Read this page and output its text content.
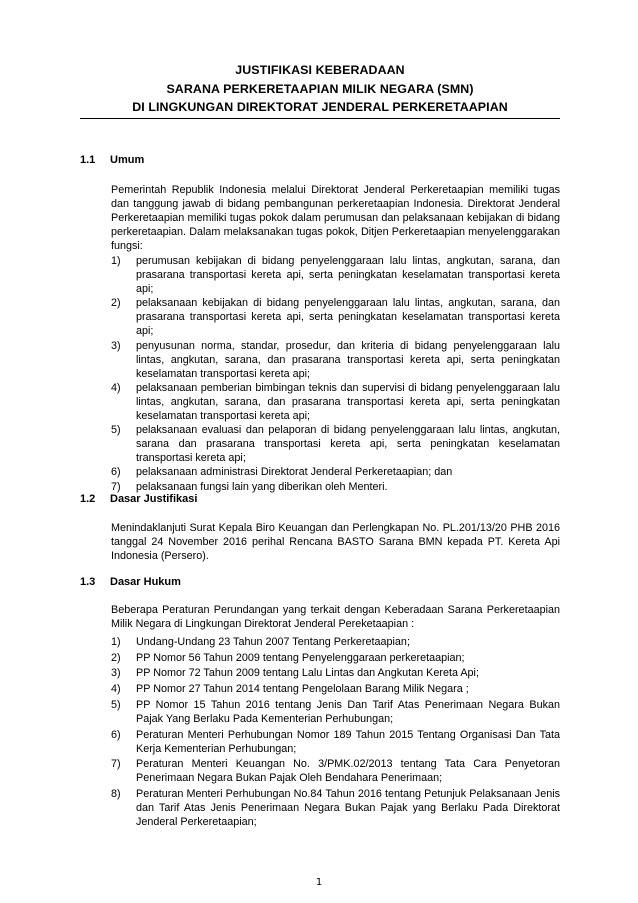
JUSTIFIKASI KEBERADAAN
SARANA PERKERETAAPIAN MILIK NEGARA (SMN)
DI LINGKUNGAN DIREKTORAT JENDERAL PERKERETAAPIAN
1.1 Umum
Pemerintah Republik Indonesia melalui Direktorat Jenderal Perkeretaapian memiliki tugas dan tanggung jawab di bidang pembangunan perkeretaapian Indonesia. Direktorat Jenderal Perkeretaapian memiliki tugas pokok dalam perumusan dan pelaksanaan kebijakan di bidang perkeretaapian. Dalam melaksanakan tugas pokok, Ditjen Perkeretaapian menyelenggarakan fungsi:
1) perumusan kebijakan di bidang penyelenggaraan lalu lintas, angkutan, sarana, dan prasarana transportasi kereta api, serta peningkatan keselamatan transportasi kereta api;
2) pelaksanaan kebijakan di bidang penyelenggaraan lalu lintas, angkutan, sarana, dan prasarana transportasi kereta api, serta peningkatan keselamatan transportasi kereta api;
3) penyusunan norma, standar, prosedur, dan kriteria di bidang penyelenggaraan lalu lintas, angkutan, sarana, dan prasarana transportasi kereta api, serta peningkatan keselamatan transportasi kereta api;
4) pelaksanaan pemberian bimbingan teknis dan supervisi di bidang penyelenggaraan lalu lintas, angkutan, sarana, dan prasarana transportasi kereta api, serta peningkatan keselamatan transportasi kereta api;
5) pelaksanaan evaluasi dan pelaporan di bidang penyelenggaraan lalu lintas, angkutan, sarana dan prasarana transportasi kereta api, serta peningkatan keselamatan transportasi kereta api;
6) pelaksanaan administrasi Direktorat Jenderal Perkeretaapian; dan
7) pelaksanaan fungsi lain yang diberikan oleh Menteri.
1.2 Dasar Justifikasi
Menindaklanjuti Surat Kepala Biro Keuangan dan Perlengkapan No. PL.201/13/20 PHB 2016 tanggal 24 November 2016 perihal Rencana BASTO Sarana BMN kepada PT. Kereta Api Indonesia (Persero).
1.3 Dasar Hukum
Beberapa Peraturan Perundangan yang terkait dengan Keberadaan Sarana Perkeretaapian Milik Negara di Lingkungan Direktorat Jenderal Pereketaapian :
1) Undang-Undang 23 Tahun 2007 Tentang Perkeretaapian;
2) PP Nomor 56 Tahun 2009 tentang Penyelenggaraan perkeretaapian;
3) PP Nomor 72 Tahun 2009 tentang Lalu Lintas dan Angkutan Kereta Api;
4) PP Nomor 27 Tahun 2014 tentang Pengelolaan Barang Milik Negara ;
5) PP Nomor 15 Tahun 2016 tentang Jenis Dan Tarif Atas Penerimaan Negara Bukan Pajak Yang Berlaku Pada Kementerian Perhubungan;
6) Peraturan Menteri Perhubungan Nomor 189 Tahun 2015 Tentang Organisasi Dan Tata Kerja Kementerian Perhubungan;
7) Peraturan Menteri Keuangan No. 3/PMK.02/2013 tentang Tata Cara Penyetoran Penerimaan Negara Bukan Pajak Oleh Bendahara Penerimaan;
8) Peraturan Menteri Perhubungan No.84 Tahun 2016 tentang Petunjuk Pelaksanaan Jenis dan Tarif Atas Jenis Penerimaan Negara Bukan Pajak yang Berlaku Pada Direktorat Jenderal Perkeretaapian;
1
